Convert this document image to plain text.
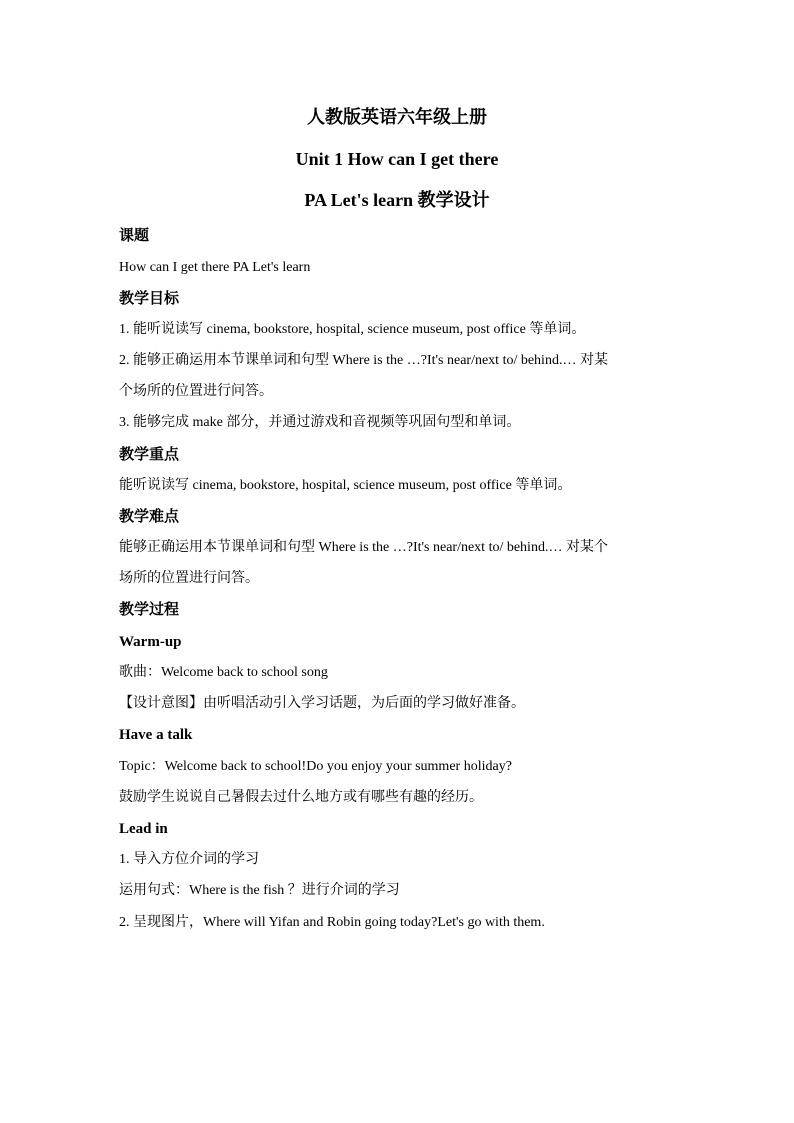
人教版英语六年级上册
Unit 1 How can I get there
PA Let's learn 教学设计
课题
How can I get there PA Let's learn
教学目标
1. 能听说读写 cinema, bookstore, hospital, science museum, post office 等单词。
2. 能够正确运用本节课单词和句型 Where is the …?It's near/next to/ behind.… 对某
个场所的位置进行问答。
3. 能够完成 make 部分，并通过游戏和音视频等巩固句型和单词。
教学重点
能听说读写 cinema, bookstore, hospital, science museum, post office 等单词。
教学难点
能够正确运用本节课单词和句型 Where is the …?It's near/next to/ behind.… 对某个
场所的位置进行问答。
教学过程
Warm-up
歌曲：Welcome back to school song
【设计意图】由听唱活动引入学习话题，为后面的学习做好准备。
Have a talk
Topic：Welcome back to school!Do you enjoy your summer holiday?
鼓励学生说说自己暑假去过什么地方或有哪些有趣的经历。
Lead in
1. 导入方位介词的学习
运用句式：Where is the fish ？进行介词的学习
2. 呈现图片，Where will Yifan and Robin going today?Let's go with them.
